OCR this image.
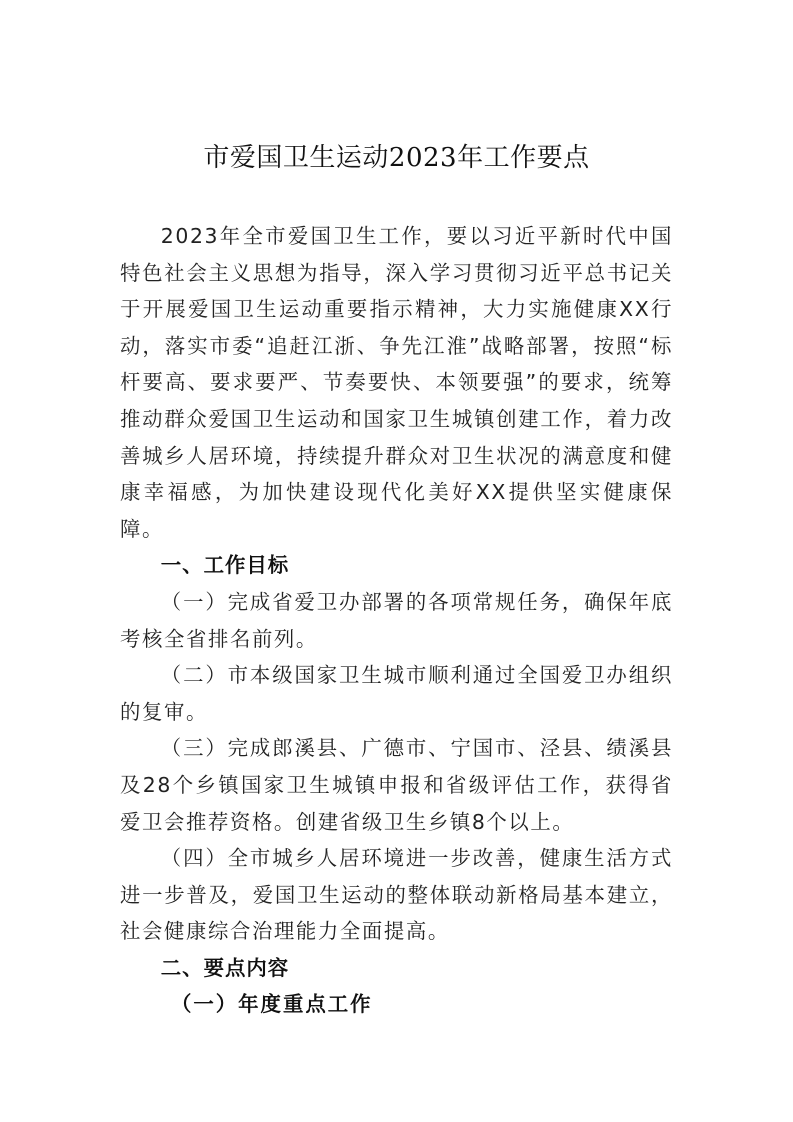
市爱国卫生运动2023年工作要点

2023年全市爱国卫生工作，要以习近平新时代中国特色社会主义思想为指导，深入学习贯彻习近平总书记关于开展爱国卫生运动重要指示精神，大力实施健康XX行动，落实市委“追赶江浙、争先江淮”战略部署，按照“标杆要高、要求要严、节奏要快、本领要强”的要求，统筹推动群众爱国卫生运动和国家卫生城镇创建工作，着力改善城乡人居环境，持续提升群众对卫生状况的满意度和健康幸福感，为加快建设现代化美好XX提供坚实健康保障。

一、工作目标

（一）完成省爱卫办部署的各项常规任务，确保年底考核全省排名前列。

（二）市本级国家卫生城市顺利通过全国爱卫办组织的复审。

（三）完成郎溪县、广德市、宁国市、泾县、绩溪县及28个乡镇国家卫生城镇申报和省级评估工作，获得省爱卫会推荐资格。创建省级卫生乡镇8个以上。

（四）全市城乡人居环境进一步改善，健康生活方式进一步普及，爱国卫生运动的整体联动新格局基本建立，社会健康综合治理能力全面提高。

二、要点内容

（一）年度重点工作
